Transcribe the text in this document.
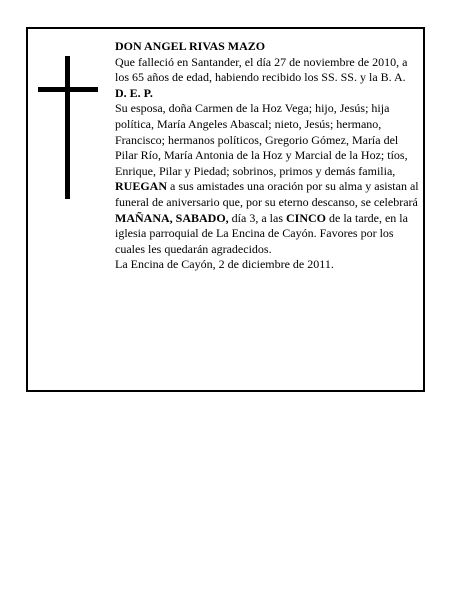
DON ANGEL RIVAS MAZO

Que falleció en Santander, el día 27 de noviembre de 2010, a los 65 años de edad, habiendo recibido los SS. SS. y la B. A.

D. E. P.

Su esposa, doña Carmen de la Hoz Vega; hijo, Jesús; hija política, María Angeles Abascal; nieto, Jesús; hermano, Francisco; hermanos políticos, Gregorio Gómez, María del Pilar Río, María Antonia de la Hoz y Marcial de la Hoz; tíos, Enrique, Pilar y Piedad; sobrinos, primos y demás familia,

RUEGAN a sus amistades una oración por su alma y asistan al funeral de aniversario que, por su eterno descanso, se celebrará MAÑANA, SABADO, día 3, a las CINCO de la tarde, en la iglesia parroquial de La Encina de Cayón. Favores por los cuales les quedarán agradecidos.

La Encina de Cayón, 2 de diciembre de 2011.
